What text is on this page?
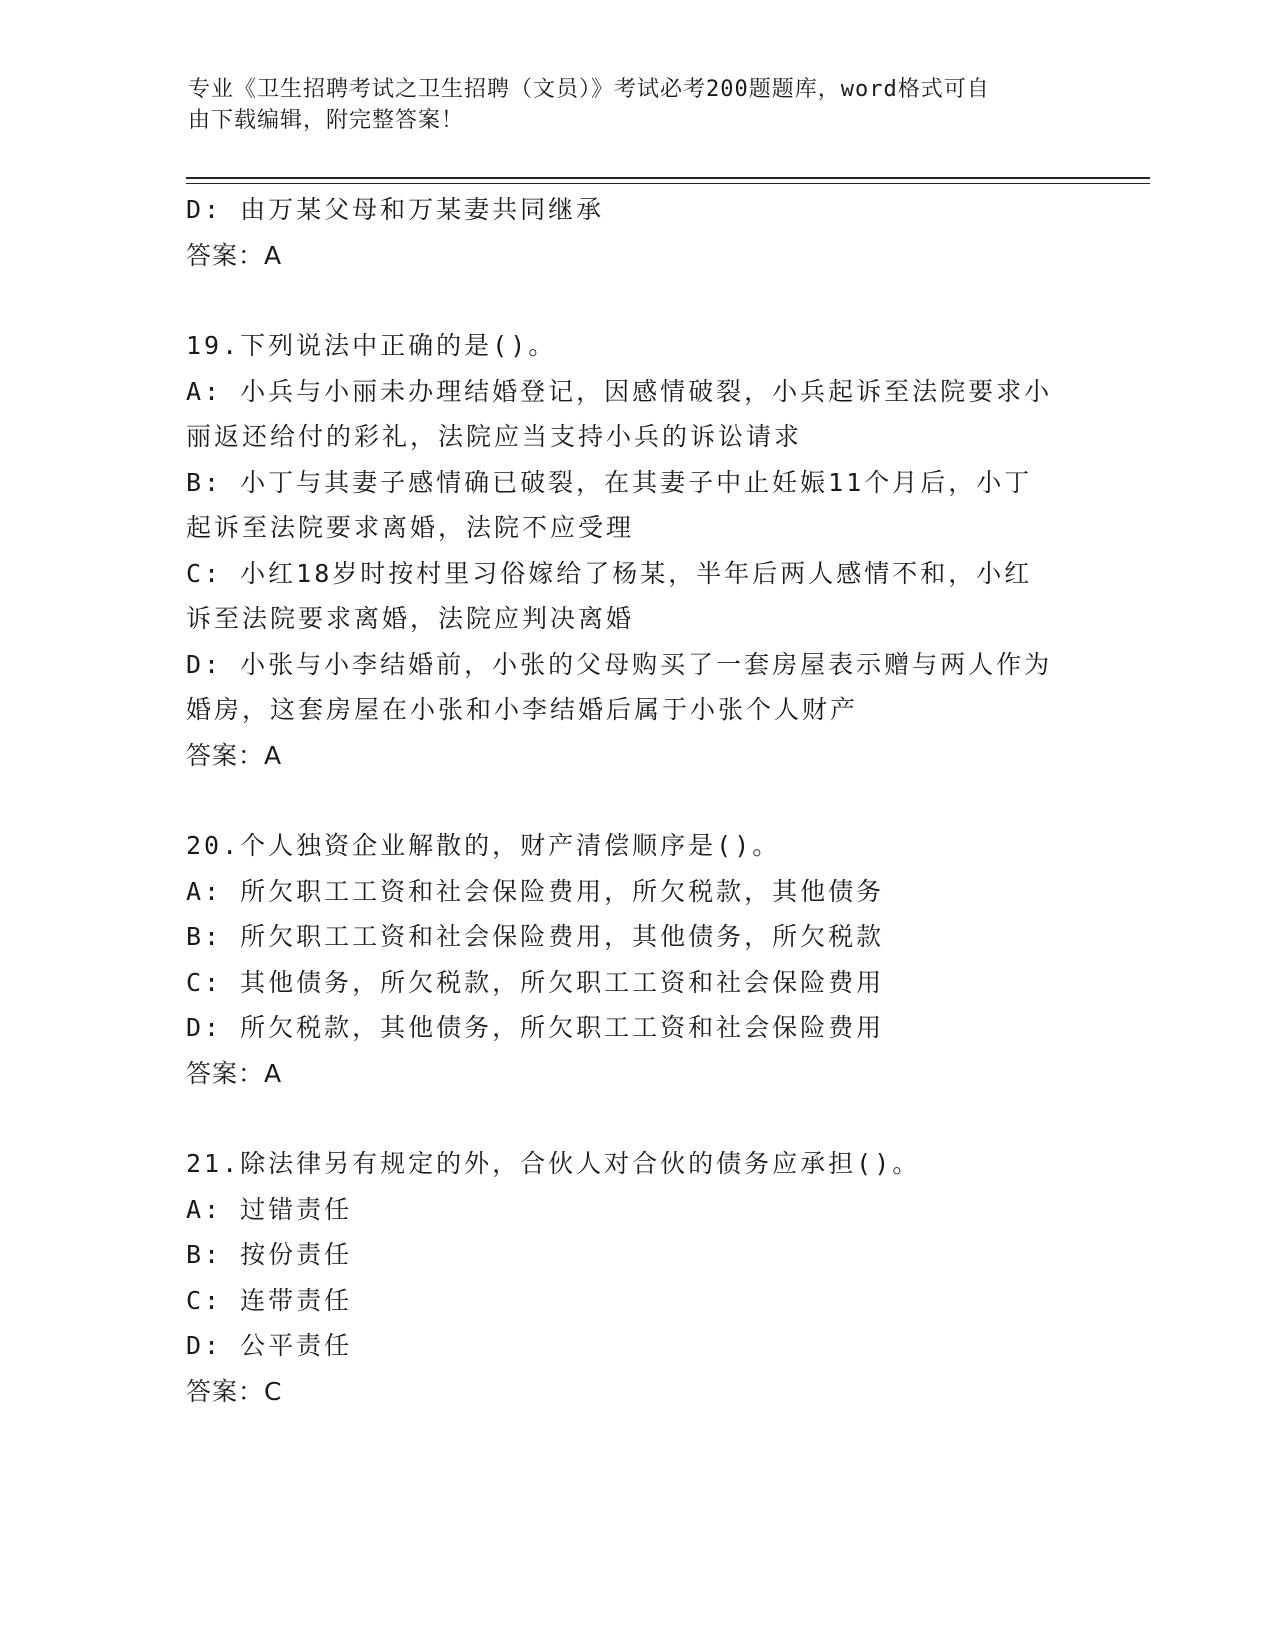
专业《卫生招聘考试之卫生招聘（文员）》考试必考200题题库，word格式可自
由下载编辑，附完整答案！
D: 由万某父母和万某妻共同继承
答案：A
19.下列说法中正确的是()。
A: 小兵与小丽未办理结婚登记，因感情破裂，小兵起诉至法院要求小
丽返还给付的彩礼，法院应当支持小兵的诉讼请求
B: 小丁与其妻子感情确已破裂，在其妻子中止妊娠11个月后，小丁
起诉至法院要求离婚，法院不应受理
C: 小红18岁时按村里习俗嫁给了杨某，半年后两人感情不和，小红
诉至法院要求离婚，法院应判决离婚
D: 小张与小李结婚前，小张的父母购买了一套房屋表示赠与两人作为
婚房，这套房屋在小张和小李结婚后属于小张个人财产
答案：A
20.个人独资企业解散的，财产清偿顺序是()。
A: 所欠职工工资和社会保险费用，所欠税款，其他债务
B: 所欠职工工资和社会保险费用，其他债务，所欠税款
C: 其他债务，所欠税款，所欠职工工资和社会保险费用
D: 所欠税款，其他债务，所欠职工工资和社会保险费用
答案：A
21.除法律另有规定的外，合伙人对合伙的债务应承担()。
A: 过错责任
B: 按份责任
C: 连带责任
D: 公平责任
答案：C
